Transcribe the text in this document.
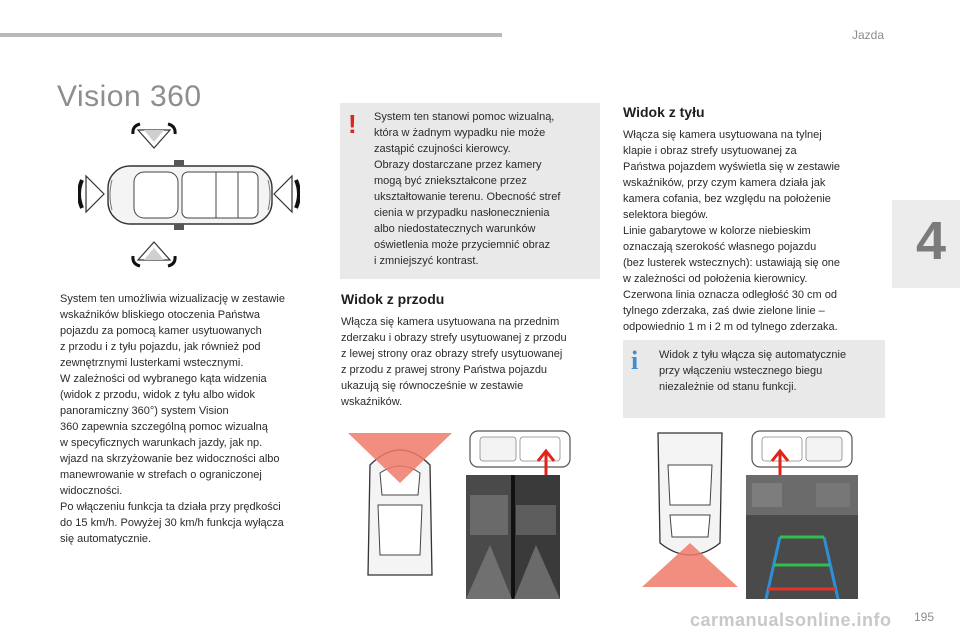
Jazda
4
Vision 360

System ten umożliwia wizualizację w zestawie
wskaźników bliskiego otoczenia Państwa
pojazdu za pomocą kamer usytuowanych
z przodu i z tyłu pojazdu, jak również pod
zewnętrznymi lusterkami wstecznymi.
W zależności od wybranego kąta widzenia
(widok z przodu, widok z tyłu albo widok
panoramiczny 360°) system Vision
360 zapewnia szczególną pomoc wizualną
w specyficznych warunkach jazdy, jak np.
wjazd na skrzyżowanie bez widoczności albo
manewrowanie w strefach o ograniczonej
widoczności.
Po włączeniu funkcja ta działa przy prędkości
do 15 km/h. Powyżej 30 km/h funkcja wyłącza
się automatycznie.

! System ten stanowi pomoc wizualną,
która w żadnym wypadku nie może
zastąpić czujności kierowcy.
Obrazy dostarczane przez kamery
mogą być zniekształcone przez
ukształtowanie terenu. Obecność stref
cienia w przypadku nasłonecznienia
albo niedostatecznych warunków
oświetlenia może przyciemnić obraz
i zmniejszyć kontrast.

Widok z przodu

Włącza się kamera usytuowana na przednim
zderzaku i obrazy strefy usytuowanej z przodu
z lewej strony oraz obrazy strefy usytuowanej
z przodu z prawej strony Państwa pojazdu
ukazują się równocześnie w zestawie
wskaźników.

Widok z tyłu

Włącza się kamera usytuowana na tylnej
klapie i obraz strefy usytuowanej za
Państwa pojazdem wyświetla się w zestawie
wskaźników, przy czym kamera działa jak
kamera cofania, bez względu na położenie
selektora biegów.
Linie gabarytowe w kolorze niebieskim
oznaczają szerokość własnego pojazdu
(bez lusterek wstecznych): ustawiają się one
w zależności od położenia kierownicy.
Czerwona linia oznacza odległość 30 cm od
tylnego zderzaka, zaś dwie zielone linie –
odpowiednio 1 m i 2 m od tylnego zderzaka.

i Widok z tyłu włącza się automatycznie
przy włączeniu wstecznego biegu
niezależnie od stanu funkcji.

carmanualsonline.info 195
